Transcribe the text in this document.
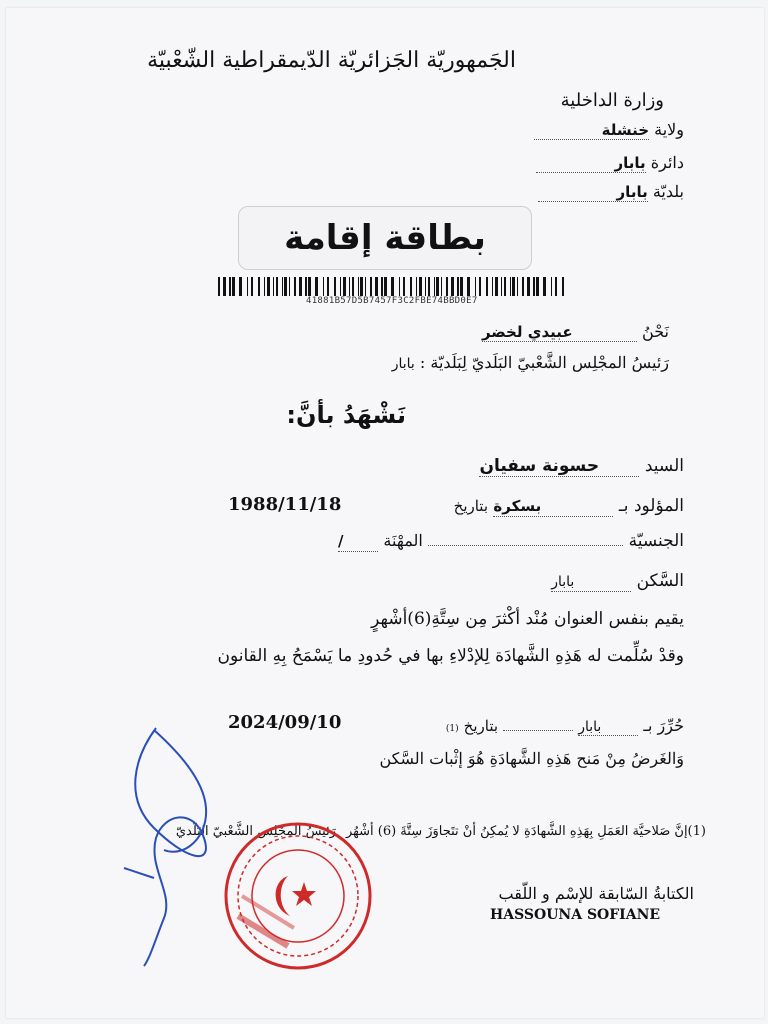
الجَمهوريّة الجَزائريّة الدّيمقراطية الشّعْبيّة
وزارة الداخلية
ولاية خنشلة
دائرة بابار
بلديّة بابار
بطاقة إقامة
41881B57D5B7457F3C2FBE74BBD0E7
نَحْنُ عبيدي لخضر
رَئيسُ المجْلِس الشَّعْبيّ البَلَديّ لِبَلَديّة : بابار
نَشْهَدُ بأنَّ:
السيد حسونة سفيان
المؤلود بـ بسكرة بتاريخ
1988/11/18
الجنسيّة  المهْنَة /
السَّكن بابار
يقيم بنفس العنوان مُنْد أكْثرَ مِن سِتَّةِ(6)أشْهرٍ
وقدْ سُلِّمت له هَذِهِ الشَّهادَة لِلإدْلاءِ بها في حُدودِ ما يَسْمَحُ بِهِ القانون
حُرِّرَ بـ بابار  بتاريخ (1)
2024/09/10
وَالغَرضُ مِنْ مَنح هَذِهِ الشَّهادَةِ هُوَ إثْبات السَّكن
(1)إنَّ صَلاحيَّة العَمَلِ بِهَذِهِ الشَّهادَةِ لا يُمكِنُ أنْ تتَجاوَزَ سِتَّةَ (6) أشْهُر
رَئيسُ المجْلِس الشَّعْبيّ البَلَديّ
الكتابةُ السّابقة للإسْم و اللّقب
HASSOUNA SOFIANE
